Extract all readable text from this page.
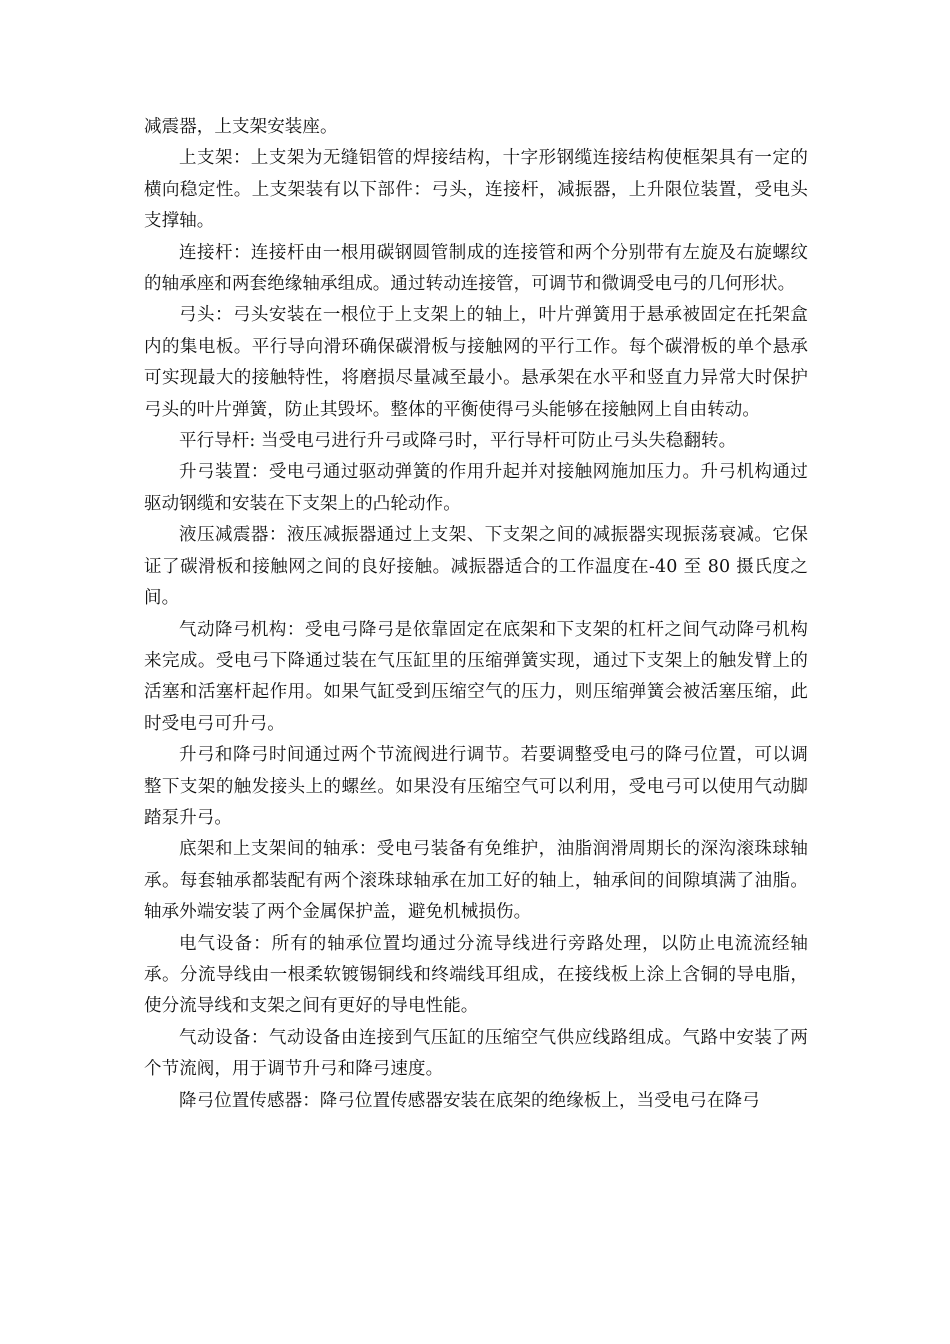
减震器，上支架安装座。

上支架：上支架为无缝铝管的焊接结构，十字形钢缆连接结构使框架具有一定的横向稳定性。上支架装有以下部件：弓头，连接杆，减振器，上升限位装置，受电头支撑轴。

连接杆：连接杆由一根用碳钢圆管制成的连接管和两个分别带有左旋及右旋螺纹的轴承座和两套绝缘轴承组成。通过转动连接管，可调节和微调受电弓的几何形状。

弓头：弓头安装在一根位于上支架上的轴上，叶片弹簧用于悬承被固定在托架盒内的集电板。平行导向滑环确保碳滑板与接触网的平行工作。每个碳滑板的单个悬承可实现最大的接触特性，将磨损尽量减至最小。悬承架在水平和竖直力异常大时保护弓头的叶片弹簧，防止其毁坏。整体的平衡使得弓头能够在接触网上自由转动。

平行导杆: 当受电弓进行升弓或降弓时，平行导杆可防止弓头失稳翻转。

升弓装置：受电弓通过驱动弹簧的作用升起并对接触网施加压力。升弓机构通过驱动钢缆和安装在下支架上的凸轮动作。

液压减震器：液压减振器通过上支架、下支架之间的减振器实现振荡衰减。它保证了碳滑板和接触网之间的良好接触。减振器适合的工作温度在-40 至 80 摄氏度之间。

气动降弓机构：受电弓降弓是依靠固定在底架和下支架的杠杆之间气动降弓机构来完成。受电弓下降通过装在气压缸里的压缩弹簧实现，通过下支架上的触发臂上的活塞和活塞杆起作用。如果气缸受到压缩空气的压力，则压缩弹簧会被活塞压缩，此时受电弓可升弓。

升弓和降弓时间通过两个节流阀进行调节。若要调整受电弓的降弓位置，可以调整下支架的触发接头上的螺丝。如果没有压缩空气可以利用，受电弓可以使用气动脚踏泵升弓。

底架和上支架间的轴承：受电弓装备有免维护，油脂润滑周期长的深沟滚珠球轴承。每套轴承都装配有两个滚珠球轴承在加工好的轴上，轴承间的间隙填满了油脂。轴承外端安装了两个金属保护盖，避免机械损伤。

电气设备：所有的轴承位置均通过分流导线进行旁路处理，以防止电流流经轴承。分流导线由一根柔软镀锡铜线和终端线耳组成，在接线板上涂上含铜的导电脂，使分流导线和支架之间有更好的导电性能。

气动设备：气动设备由连接到气压缸的压缩空气供应线路组成。气路中安装了两个节流阀，用于调节升弓和降弓速度。

降弓位置传感器：降弓位置传感器安装在底架的绝缘板上，当受电弓在降弓
